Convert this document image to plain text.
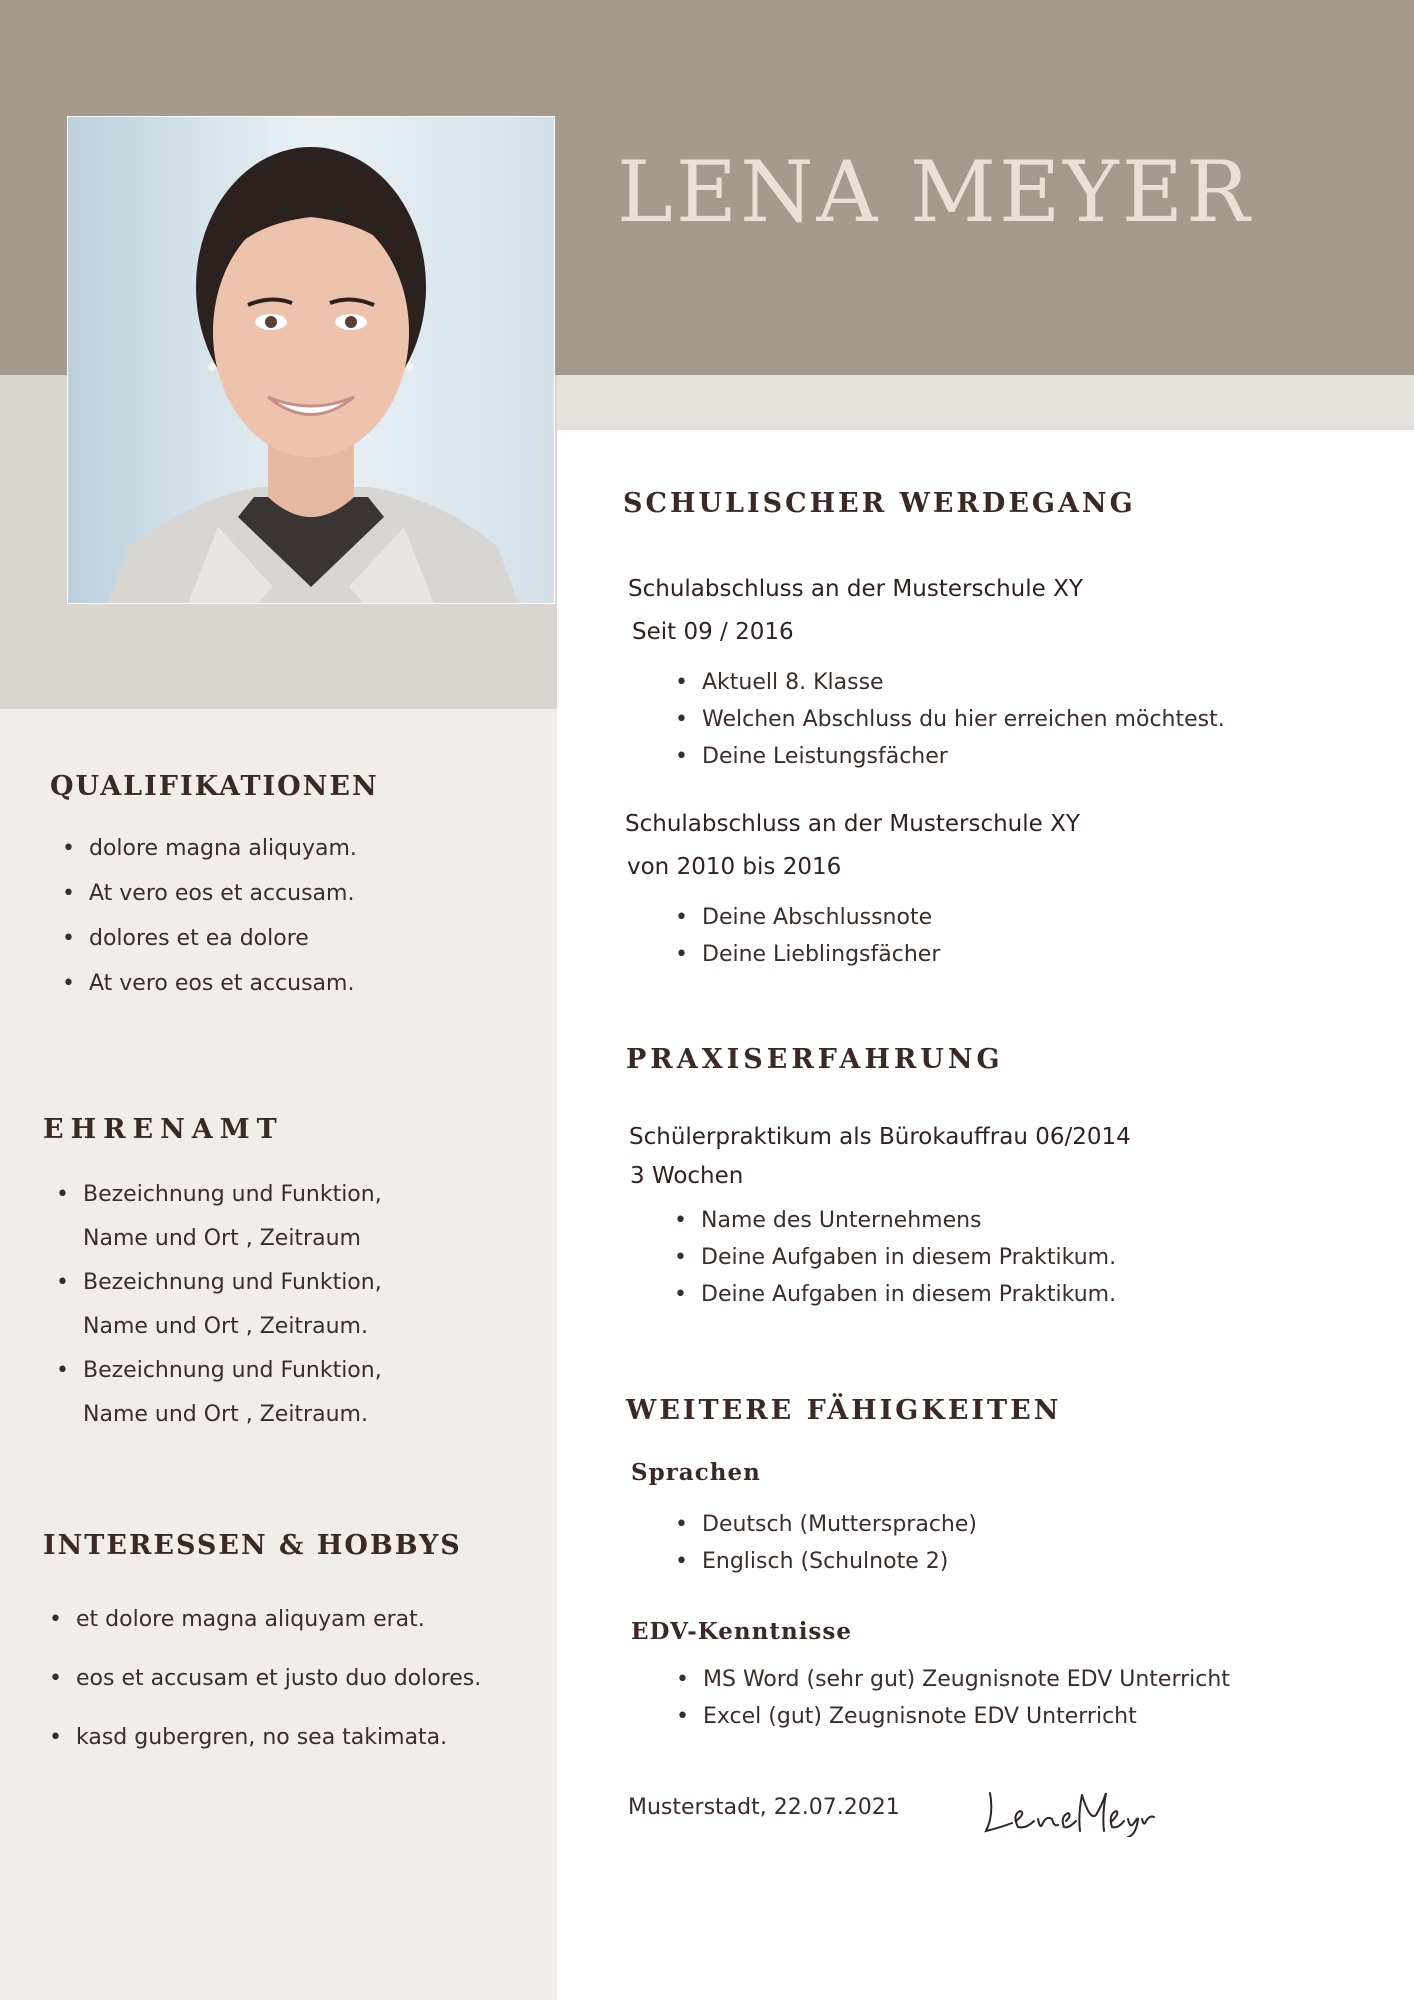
LENA MEYER
SCHULISCHER WERDEGANG

Schulabschluss an der Musterschule XY

Seit 09 / 2016

• Aktuell 8. Klasse
• Welchen Abschluss du hier erreichen möchtest.
• Deine Leistungsfächer

Schulabschluss an der Musterschule XY

von 2010 bis 2016

• Deine Abschlussnote
• Deine Lieblingsfächer
PRAXISERFAHRUNG

Schülerpraktikum als Bürokauffrau 06/2014

3 Wochen

• Name des Unternehmens
• Deine Aufgaben in diesem Praktikum.
• Deine Aufgaben in diesem Praktikum.
WEITERE FÄHIGKEITEN
Sprachen
• Deutsch (Muttersprache)
• Englisch (Schulnote 2)
EDV-Kenntnisse
• MS Word (sehr gut) Zeugnisnote EDV Unterricht
• Excel (gut) Zeugnisnote EDV Unterricht

Musterstadt, 22.07.2021

QUALIFIKATIONEN
• dolore magna aliquyam.
• At vero eos et accusam.
• dolores et ea dolore
• At vero eos et accusam.
EHRENAMT
• Bezeichnung und Funktion,
Name und Ort , Zeitraum
• Bezeichnung und Funktion,
Name und Ort , Zeitraum.
• Bezeichnung und Funktion,
Name und Ort , Zeitraum.
INTERESSEN & HOBBYS
• et dolore magna aliquyam erat.
• eos et accusam et justo duo dolores.
• kasd gubergren, no sea takimata.
